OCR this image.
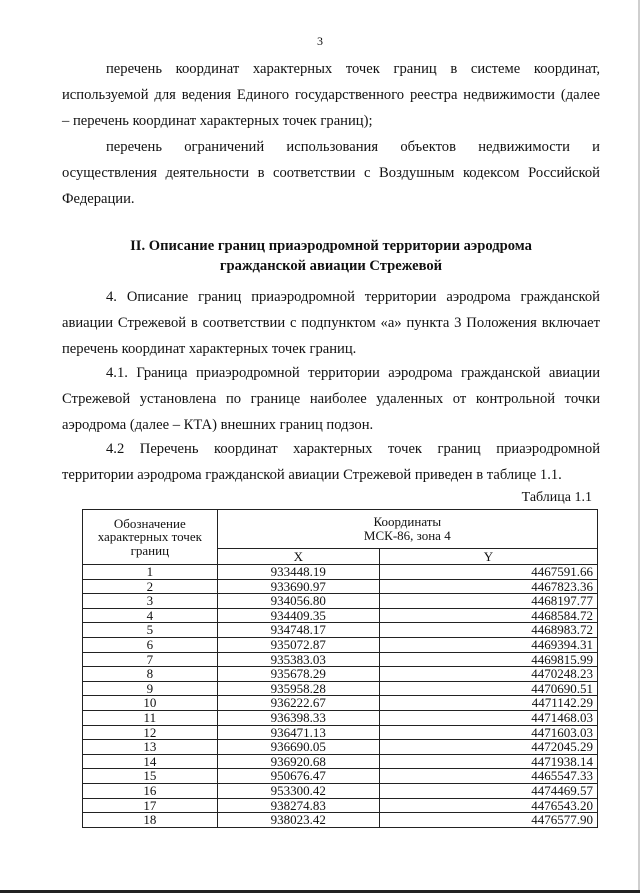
3

перечень координат характерных точек границ в системе координат,
используемой для ведения Единого государственного реестра недвижимости (далее
– перечень координат характерных точек границ);

перечень ограничений использования объектов недвижимости и
осуществления деятельности в соответствии с Воздушным кодексом Российской
Федерации.

II. Описание границ приаэродромной территории аэродрома
гражданской авиации Стрежевой

4. Описание границ приаэродромной территории аэродрома гражданской
авиации Стрежевой в соответствии с подпунктом «а» пункта 3 Положения включает
перечень координат характерных точек границ.

4.1. Граница приаэродромной территории аэродрома гражданской авиации
Стрежевой установлена по границе наиболее удаленных от контрольной точки
аэродрома (далее – КТА) внешних границ подзон.

4.2 Перечень координат характерных точек границ приаэродромной
территории аэродрома гражданской авиации Стрежевой приведен в таблице 1.1.

Таблица 1.1
Обозначение характерных точек границ	Координаты
МСК-86, зона 4	

	X	Y
1	933448.19	4467591.66
2	933690.97	4467823.36
3	934056.80	4468197.77
4	934409.35	4468584.72
5	934748.17	4468983.72
6	935072.87	4469394.31
7	935383.03	4469815.99
8	935678.29	4470248.23
9	935958.28	4470690.51
10	936222.67	4471142.29
11	936398.33	4471468.03
12	936471.13	4471603.03
13	936690.05	4472045.29
14	936920.68	4471938.14
15	950676.47	4465547.33
16	953300.42	4474469.57
17	938274.83	4476543.20
18	938023.42	4476577.90
